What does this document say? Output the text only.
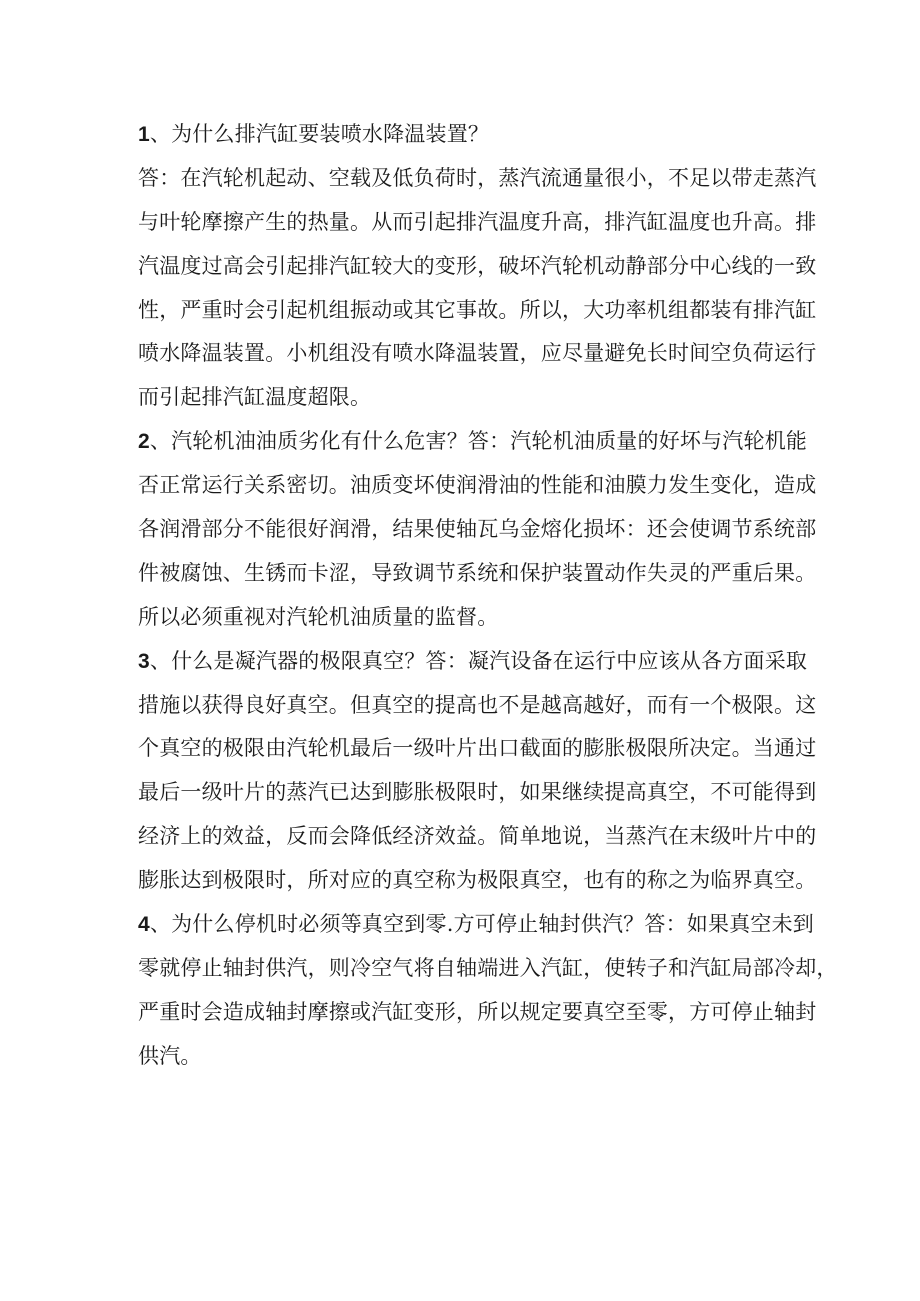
1、为什么排汽缸要装喷水降温装置？
答：在汽轮机起动、空载及低负荷时，蒸汽流通量很小，不足以带走蒸汽
与叶轮摩擦产生的热量。从而引起排汽温度升高，排汽缸温度也升高。排
汽温度过高会引起排汽缸较大的变形，破坏汽轮机动静部分中心线的一致
性，严重时会引起机组振动或其它事故。所以，大功率机组都装有排汽缸
喷水降温装置。小机组没有喷水降温装置，应尽量避免长时间空负荷运行
而引起排汽缸温度超限。
2、汽轮机油油质劣化有什么危害？答：汽轮机油质量的好坏与汽轮机能
否正常运行关系密切。油质变坏使润滑油的性能和油膜力发生变化，造成
各润滑部分不能很好润滑，结果使轴瓦乌金熔化损坏：还会使调节系统部
件被腐蚀、生锈而卡涩，导致调节系统和保护装置动作失灵的严重后果。
所以必须重视对汽轮机油质量的监督。
3、什么是凝汽器的极限真空？答：凝汽设备在运行中应该从各方面采取
措施以获得良好真空。但真空的提高也不是越高越好，而有一个极限。这
个真空的极限由汽轮机最后一级叶片出口截面的膨胀极限所决定。当通过
最后一级叶片的蒸汽已达到膨胀极限时，如果继续提高真空，不可能得到
经济上的效益，反而会降低经济效益。简单地说，当蒸汽在末级叶片中的
膨胀达到极限时，所对应的真空称为极限真空，也有的称之为临界真空。
4、为什么停机时必须等真空到零.方可停止轴封供汽？答：如果真空未到
零就停止轴封供汽，则冷空气将自轴端进入汽缸，使转子和汽缸局部冷却，
严重时会造成轴封摩擦或汽缸变形，所以规定要真空至零，方可停止轴封
供汽。
